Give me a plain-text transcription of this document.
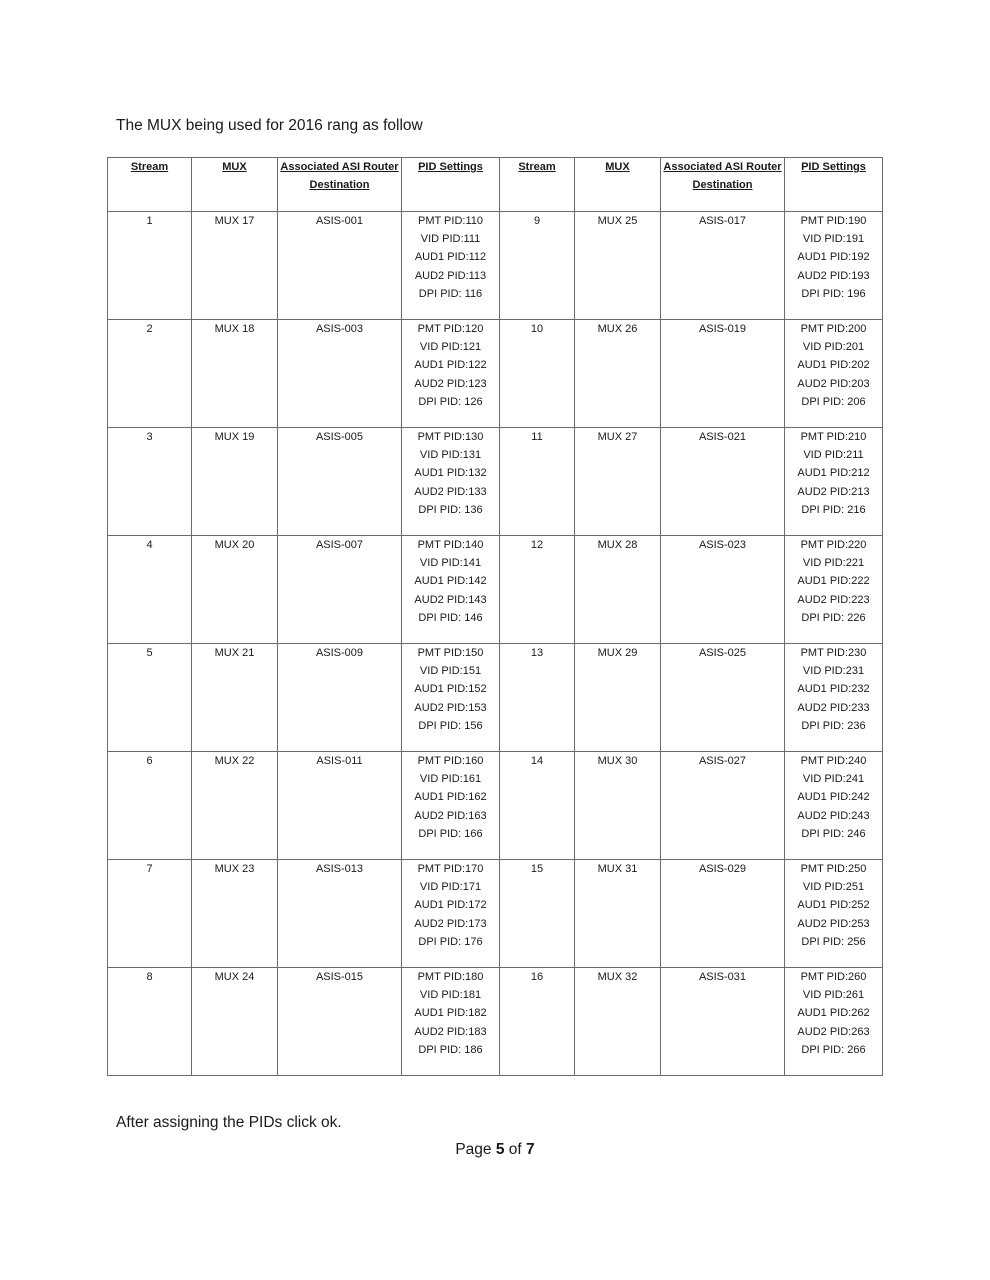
The MUX being used for 2016 rang as follow

Stream	MUX	Associated ASI Router Destination	PID Settings	Stream	MUX	Associated ASI Router Destination	PID Settings
1	MUX 17	ASIS-001	PMT PID:110
VID PID:111
AUD1 PID:112
AUD2 PID:113
DPI PID: 116	9	MUX 25	ASIS-017	PMT PID:190
VID PID:191
AUD1 PID:192
AUD2 PID:193
DPI PID: 196

2	MUX 18	ASIS-003	PMT PID:120
VID PID:121
AUD1 PID:122
AUD2 PID:123
DPI PID: 126	10	MUX 26	ASIS-019	PMT PID:200
VID PID:201
AUD1 PID:202
AUD2 PID:203
DPI PID: 206

3	MUX 19	ASIS-005	PMT PID:130
VID PID:131
AUD1 PID:132
AUD2 PID:133
DPI PID: 136	11	MUX 27	ASIS-021	PMT PID:210
VID PID:211
AUD1 PID:212
AUD2 PID:213
DPI PID: 216

4	MUX 20	ASIS-007	PMT PID:140
VID PID:141
AUD1 PID:142
AUD2 PID:143
DPI PID: 146	12	MUX 28	ASIS-023	PMT PID:220
VID PID:221
AUD1 PID:222
AUD2 PID:223
DPI PID: 226

5	MUX 21	ASIS-009	PMT PID:150
VID PID:151
AUD1 PID:152
AUD2 PID:153
DPI PID: 156	13	MUX 29	ASIS-025	PMT PID:230
VID PID:231
AUD1 PID:232
AUD2 PID:233
DPI PID: 236

6	MUX 22	ASIS-011	PMT PID:160
VID PID:161
AUD1 PID:162
AUD2 PID:163
DPI PID: 166	14	MUX 30	ASIS-027	PMT PID:240
VID PID:241
AUD1 PID:242
AUD2 PID:243
DPI PID: 246

7	MUX 23	ASIS-013	PMT PID:170
VID PID:171
AUD1 PID:172
AUD2 PID:173
DPI PID: 176	15	MUX 31	ASIS-029	PMT PID:250
VID PID:251
AUD1 PID:252
AUD2 PID:253
DPI PID: 256

8	MUX 24	ASIS-015	PMT PID:180
VID PID:181
AUD1 PID:182
AUD2 PID:183
DPI PID: 186	16	MUX 32	ASIS-031	PMT PID:260
VID PID:261
AUD1 PID:262
AUD2 PID:263
DPI PID: 266

After assigning the PIDs click ok.

Page 5 of 7
